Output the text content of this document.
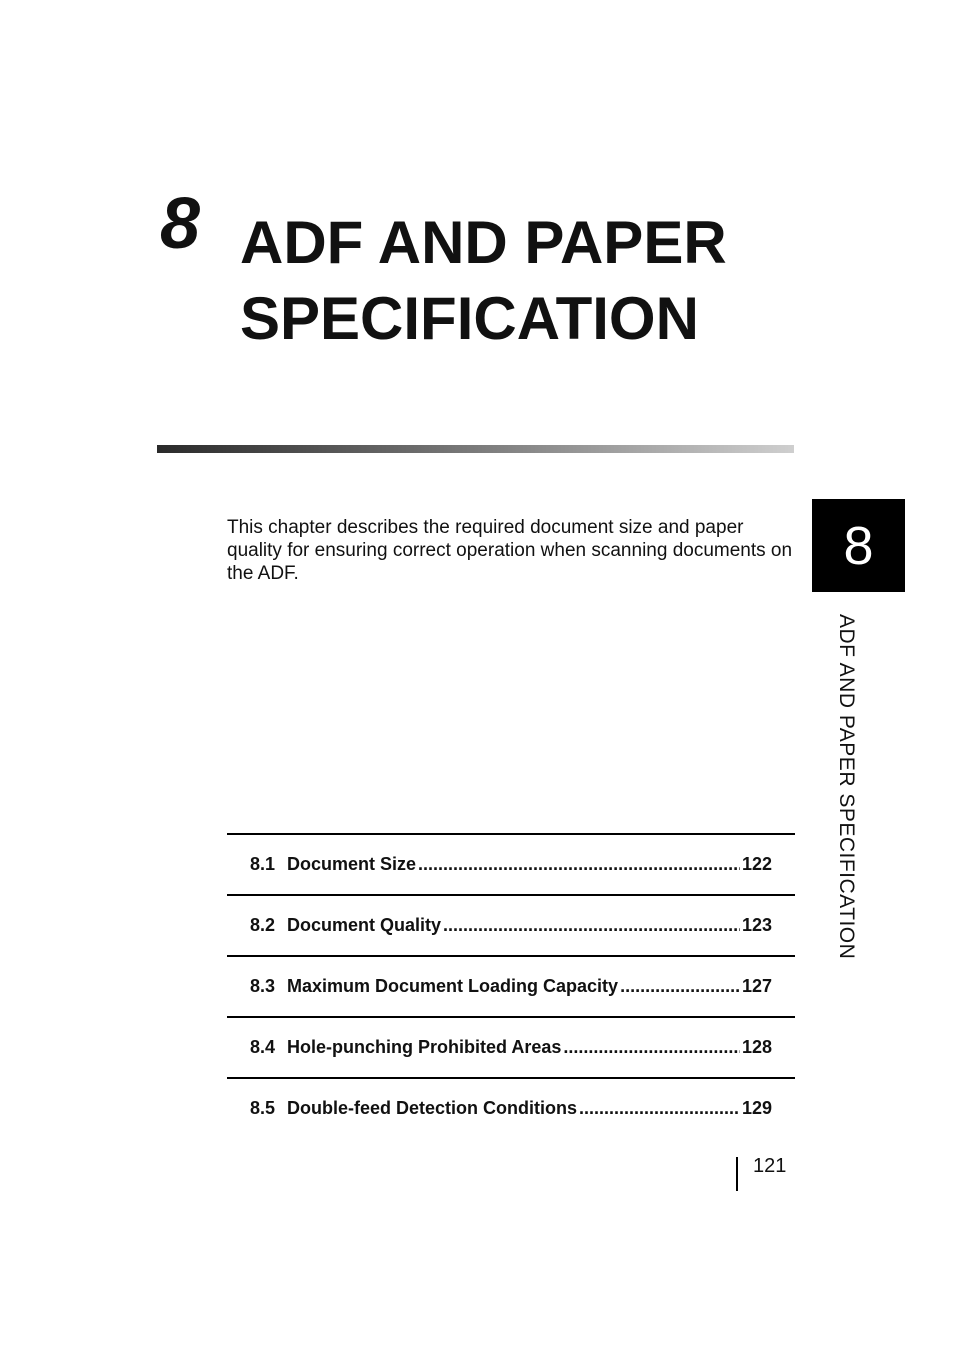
8 ADF AND PAPER SPECIFICATION

This chapter describes the required document size and paper quality for ensuring correct operation when scanning documents on the ADF.	8
ADF AND PAPER SPECIFICATION
8.1 Document Size .....	122
8.2 Document Quality .....	123
8.3 Maximum Document Loading Capacity .....	127
8.4 Hole-punching Prohibited Areas .....	128
8.5 Double-feed Detection Conditions .....	129
121
